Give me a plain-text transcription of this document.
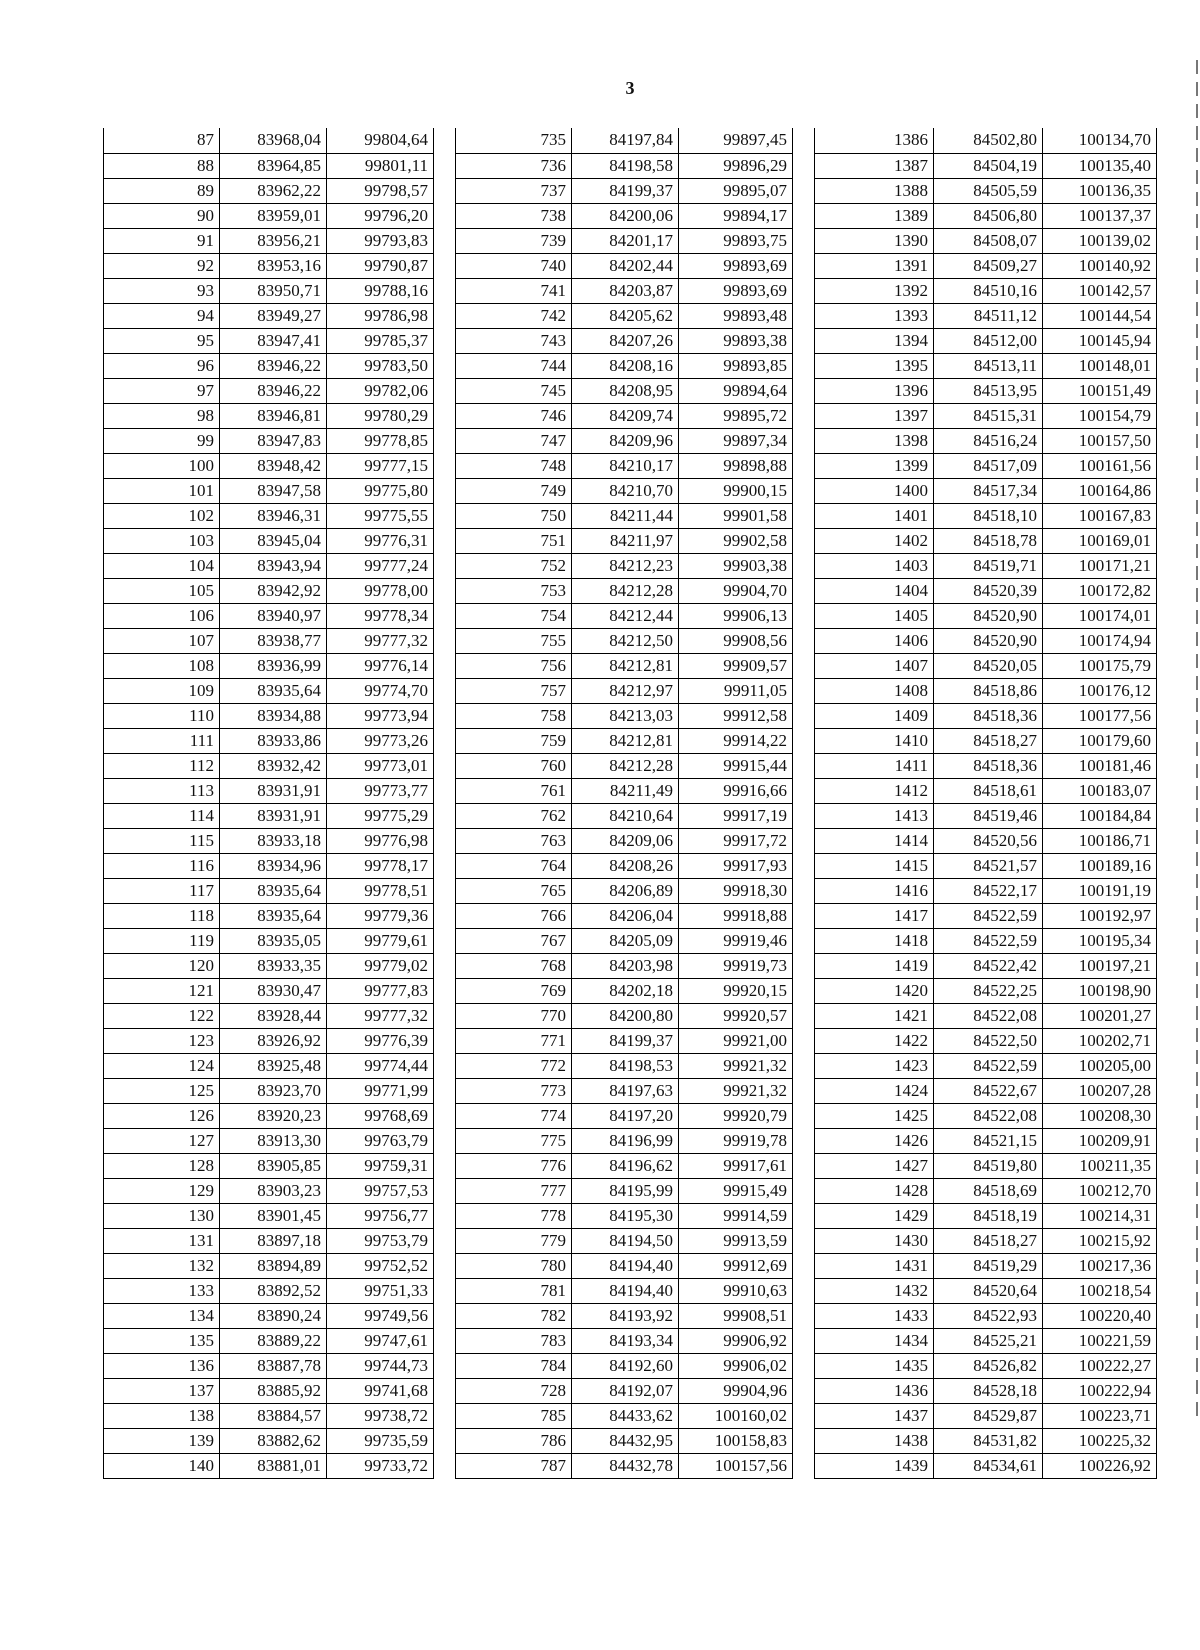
3
87	83968,04	99804,64
88	83964,85	99801,11
89	83962,22	99798,57
90	83959,01	99796,20
91	83956,21	99793,83
92	83953,16	99790,87
93	83950,71	99788,16
94	83949,27	99786,98
95	83947,41	99785,37
96	83946,22	99783,50
97	83946,22	99782,06
98	83946,81	99780,29
99	83947,83	99778,85
100	83948,42	99777,15
101	83947,58	99775,80
102	83946,31	99775,55
103	83945,04	99776,31
104	83943,94	99777,24
105	83942,92	99778,00
106	83940,97	99778,34
107	83938,77	99777,32
108	83936,99	99776,14
109	83935,64	99774,70
110	83934,88	99773,94
111	83933,86	99773,26
112	83932,42	99773,01
113	83931,91	99773,77
114	83931,91	99775,29
115	83933,18	99776,98
116	83934,96	99778,17
117	83935,64	99778,51
118	83935,64	99779,36
119	83935,05	99779,61
120	83933,35	99779,02
121	83930,47	99777,83
122	83928,44	99777,32
123	83926,92	99776,39
124	83925,48	99774,44
125	83923,70	99771,99
126	83920,23	99768,69
127	83913,30	99763,79
128	83905,85	99759,31
129	83903,23	99757,53
130	83901,45	99756,77
131	83897,18	99753,79
132	83894,89	99752,52
133	83892,52	99751,33
134	83890,24	99749,56
135	83889,22	99747,61
136	83887,78	99744,73
137	83885,92	99741,68
138	83884,57	99738,72
139	83882,62	99735,59
140	83881,01	99733,72
735	84197,84	99897,45
736	84198,58	99896,29
737	84199,37	99895,07
738	84200,06	99894,17
739	84201,17	99893,75
740	84202,44	99893,69
741	84203,87	99893,69
742	84205,62	99893,48
743	84207,26	99893,38
744	84208,16	99893,85
745	84208,95	99894,64
746	84209,74	99895,72
747	84209,96	99897,34
748	84210,17	99898,88
749	84210,70	99900,15
750	84211,44	99901,58
751	84211,97	99902,58
752	84212,23	99903,38
753	84212,28	99904,70
754	84212,44	99906,13
755	84212,50	99908,56
756	84212,81	99909,57
757	84212,97	99911,05
758	84213,03	99912,58
759	84212,81	99914,22
760	84212,28	99915,44
761	84211,49	99916,66
762	84210,64	99917,19
763	84209,06	99917,72
764	84208,26	99917,93
765	84206,89	99918,30
766	84206,04	99918,88
767	84205,09	99919,46
768	84203,98	99919,73
769	84202,18	99920,15
770	84200,80	99920,57
771	84199,37	99921,00
772	84198,53	99921,32
773	84197,63	99921,32
774	84197,20	99920,79
775	84196,99	99919,78
776	84196,62	99917,61
777	84195,99	99915,49
778	84195,30	99914,59
779	84194,50	99913,59
780	84194,40	99912,69
781	84194,40	99910,63
782	84193,92	99908,51
783	84193,34	99906,92
784	84192,60	99906,02
728	84192,07	99904,96
785	84433,62	100160,02
786	84432,95	100158,83
787	84432,78	100157,56
1386	84502,80	100134,70
1387	84504,19	100135,40
1388	84505,59	100136,35
1389	84506,80	100137,37
1390	84508,07	100139,02
1391	84509,27	100140,92
1392	84510,16	100142,57
1393	84511,12	100144,54
1394	84512,00	100145,94
1395	84513,11	100148,01
1396	84513,95	100151,49
1397	84515,31	100154,79
1398	84516,24	100157,50
1399	84517,09	100161,56
1400	84517,34	100164,86
1401	84518,10	100167,83
1402	84518,78	100169,01
1403	84519,71	100171,21
1404	84520,39	100172,82
1405	84520,90	100174,01
1406	84520,90	100174,94
1407	84520,05	100175,79
1408	84518,86	100176,12
1409	84518,36	100177,56
1410	84518,27	100179,60
1411	84518,36	100181,46
1412	84518,61	100183,07
1413	84519,46	100184,84
1414	84520,56	100186,71
1415	84521,57	100189,16
1416	84522,17	100191,19
1417	84522,59	100192,97
1418	84522,59	100195,34
1419	84522,42	100197,21
1420	84522,25	100198,90
1421	84522,08	100201,27
1422	84522,50	100202,71
1423	84522,59	100205,00
1424	84522,67	100207,28
1425	84522,08	100208,30
1426	84521,15	100209,91
1427	84519,80	100211,35
1428	84518,69	100212,70
1429	84518,19	100214,31
1430	84518,27	100215,92
1431	84519,29	100217,36
1432	84520,64	100218,54
1433	84522,93	100220,40
1434	84525,21	100221,59
1435	84526,82	100222,27
1436	84528,18	100222,94
1437	84529,87	100223,71
1438	84531,82	100225,32
1439	84534,61	100226,92
